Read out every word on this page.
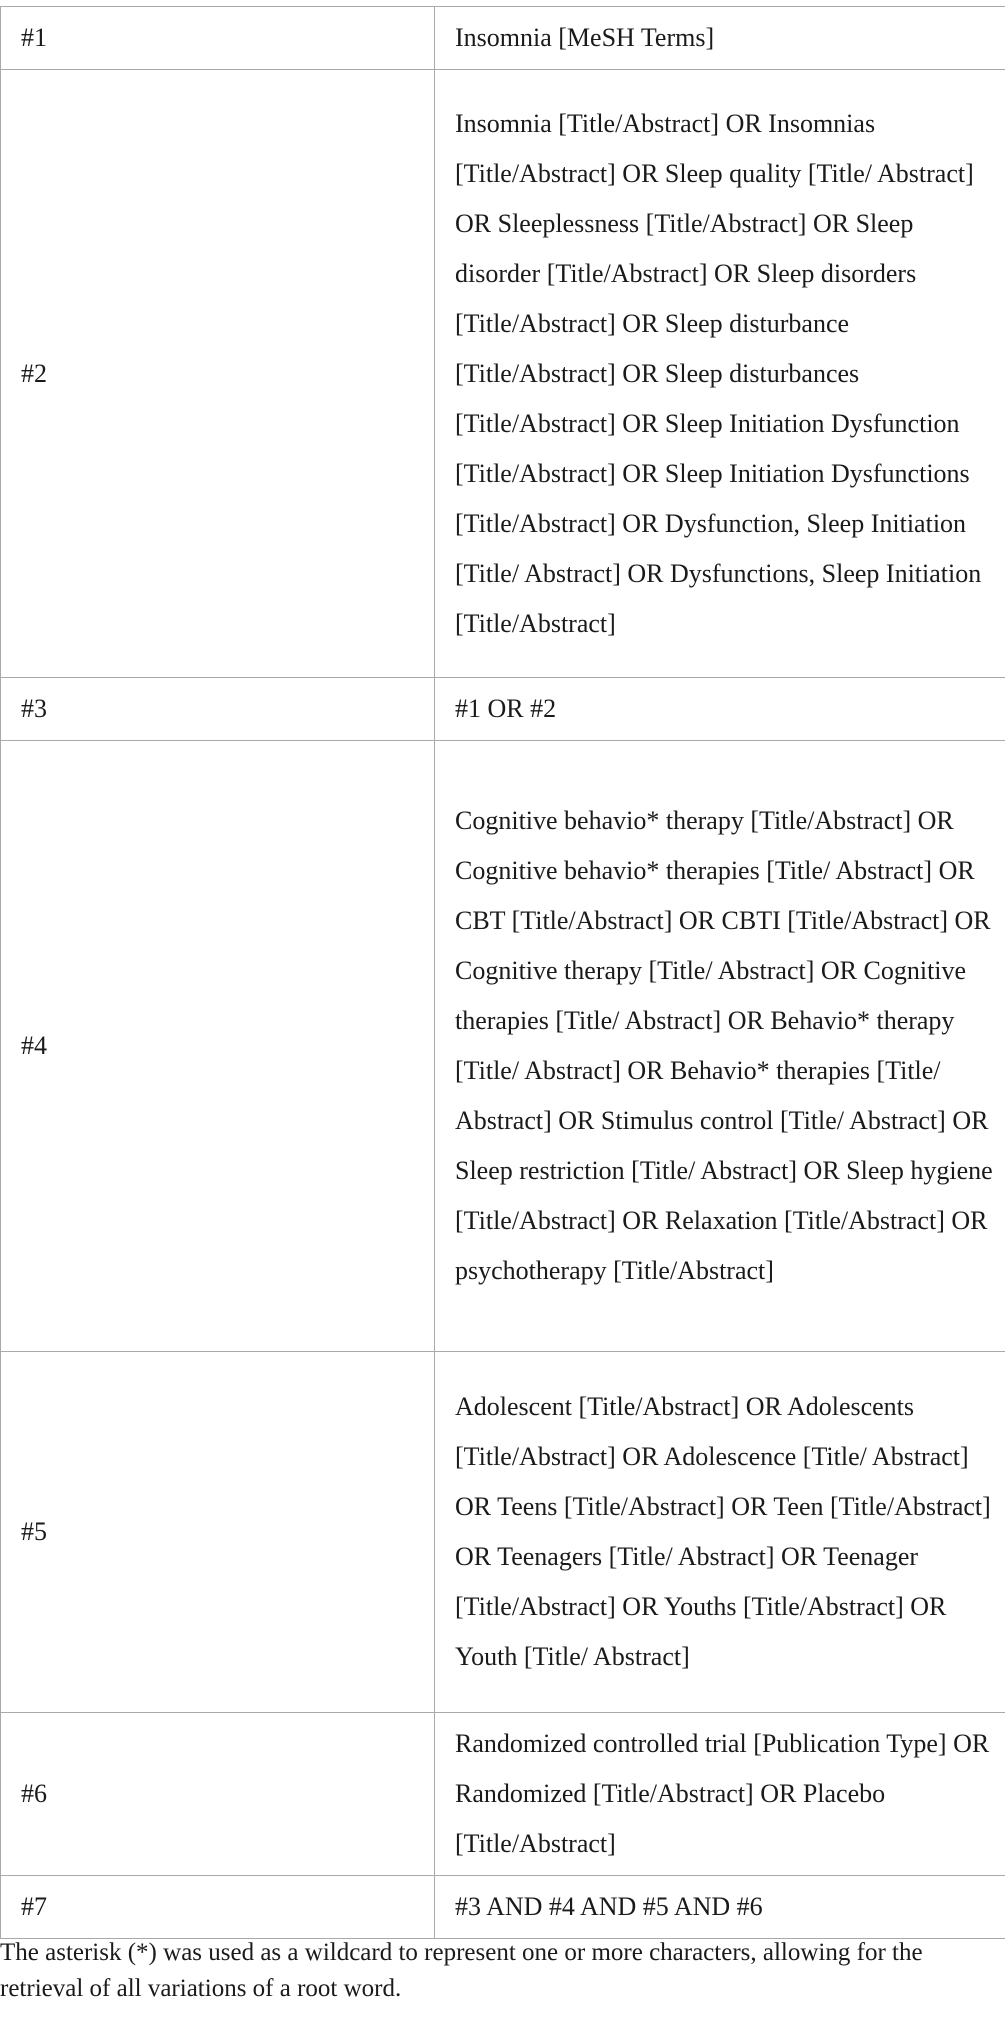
#1	Insomnia [MeSH Terms]
#2	Insomnia [Title/Abstract] OR Insomnias [Title/Abstract] OR Sleep quality [Title/ Abstract] OR Sleeplessness [Title/Abstract] OR Sleep disorder [Title/Abstract] OR Sleep disorders [Title/Abstract] OR Sleep disturbance [Title/Abstract] OR Sleep disturbances [Title/Abstract] OR Sleep Initiation Dysfunction [Title/Abstract] OR Sleep Initiation Dysfunctions [Title/Abstract] OR Dysfunction, Sleep Initiation [Title/ Abstract] OR Dysfunctions, Sleep Initiation [Title/Abstract]
#3	#1 OR #2
#4	Cognitive behavio* therapy [Title/Abstract] OR Cognitive behavio* therapies [Title/ Abstract] OR CBT [Title/Abstract] OR CBTI [Title/Abstract] OR Cognitive therapy [Title/ Abstract] OR Cognitive therapies [Title/ Abstract] OR Behavio* therapy [Title/ Abstract] OR Behavio* therapies [Title/ Abstract] OR Stimulus control [Title/ Abstract] OR Sleep restriction [Title/ Abstract] OR Sleep hygiene [Title/Abstract] OR Relaxation [Title/Abstract] OR psychotherapy [Title/Abstract]
#5	Adolescent [Title/Abstract] OR Adolescents [Title/Abstract] OR Adolescence [Title/ Abstract] OR Teens [Title/Abstract] OR Teen [Title/Abstract] OR Teenagers [Title/ Abstract] OR Teenager [Title/Abstract] OR Youths [Title/Abstract] OR Youth [Title/ Abstract]
#6	Randomized controlled trial [Publication Type] OR Randomized [Title/Abstract] OR Placebo [Title/Abstract]
#7	#3 AND #4 AND #5 AND #6
The asterisk (*) was used as a wildcard to represent one or more characters, allowing for the retrieval of all variations of a root word.
